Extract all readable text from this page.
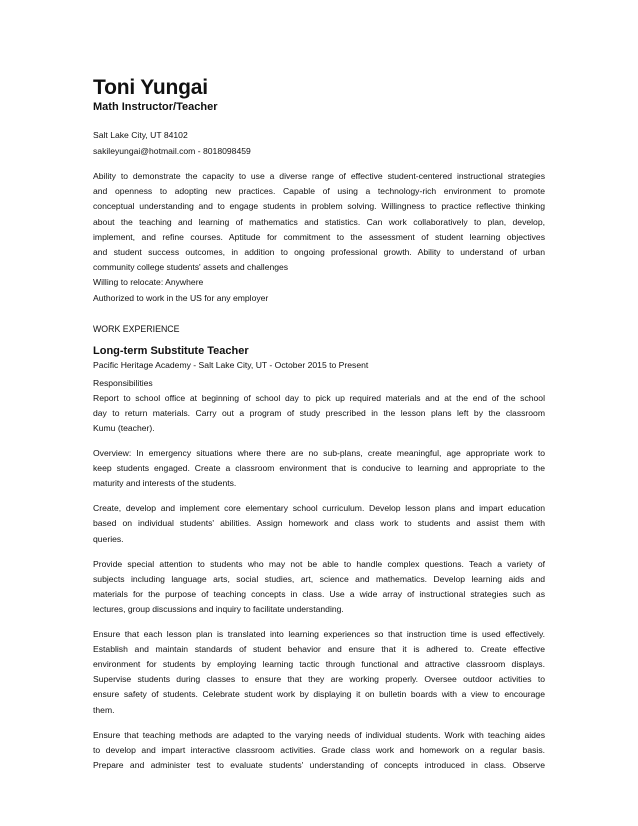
Toni Yungai
Math Instructor/Teacher
Salt Lake City, UT 84102
sakileyungai@hotmail.com - 8018098459

Ability to demonstrate the capacity to use a diverse range of effective student-centered instructional strategies

and openness to adopting new practices. Capable of using a technology-rich environment to promote

conceptual understanding and to engage students in problem solving. Willingness to practice reflective thinking

about the teaching and learning of mathematics and statistics. Can work collaboratively to plan, develop,

implement, and refine courses. Aptitude for commitment to the assessment of student learning objectives

and student success outcomes, in addition to ongoing professional growth. Ability to understand of urban

community college students' assets and challenges

Willing to relocate: Anywhere

Authorized to work in the US for any employer

WORK EXPERIENCE
Long-term Substitute Teacher
Pacific Heritage Academy - Salt Lake City, UT - October 2015 to Present
Responsibilities
Report to school office at beginning of school day to pick up required materials and at the end of the school
day to return materials. Carry out a program of study prescribed in the lesson plans left by the classroom
Kumu (teacher).
Overview: In emergency situations where there are no sub-plans, create meaningful, age appropriate work to
keep students engaged. Create a classroom environment that is conducive to learning and appropriate to the
maturity and interests of the students.
Create, develop and implement core elementary school curriculum. Develop lesson plans and impart education
based on individual students' abilities. Assign homework and class work to students and assist them with
queries.
Provide special attention to students who may not be able to handle complex questions. Teach a variety of
subjects including language arts, social studies, art, science and mathematics. Develop learning aids and
materials for the purpose of teaching concepts in class. Use a wide array of instructional strategies such as
lectures, group discussions and inquiry to facilitate understanding.
Ensure that each lesson plan is translated into learning experiences so that instruction time is used effectively.
Establish and maintain standards of student behavior and ensure that it is adhered to. Create effective
environment for students by employing learning tactic through functional and attractive classroom displays.
Supervise students during classes to ensure that they are working properly. Oversee outdoor activities to
ensure safety of students. Celebrate student work by displaying it on bulletin boards with a view to encourage
them.
Ensure that teaching methods are adapted to the varying needs of individual students. Work with teaching aides
to develop and impart interactive classroom activities. Grade class work and homework on a regular basis.
Prepare and administer test to evaluate students' understanding of concepts introduced in class. Observe
